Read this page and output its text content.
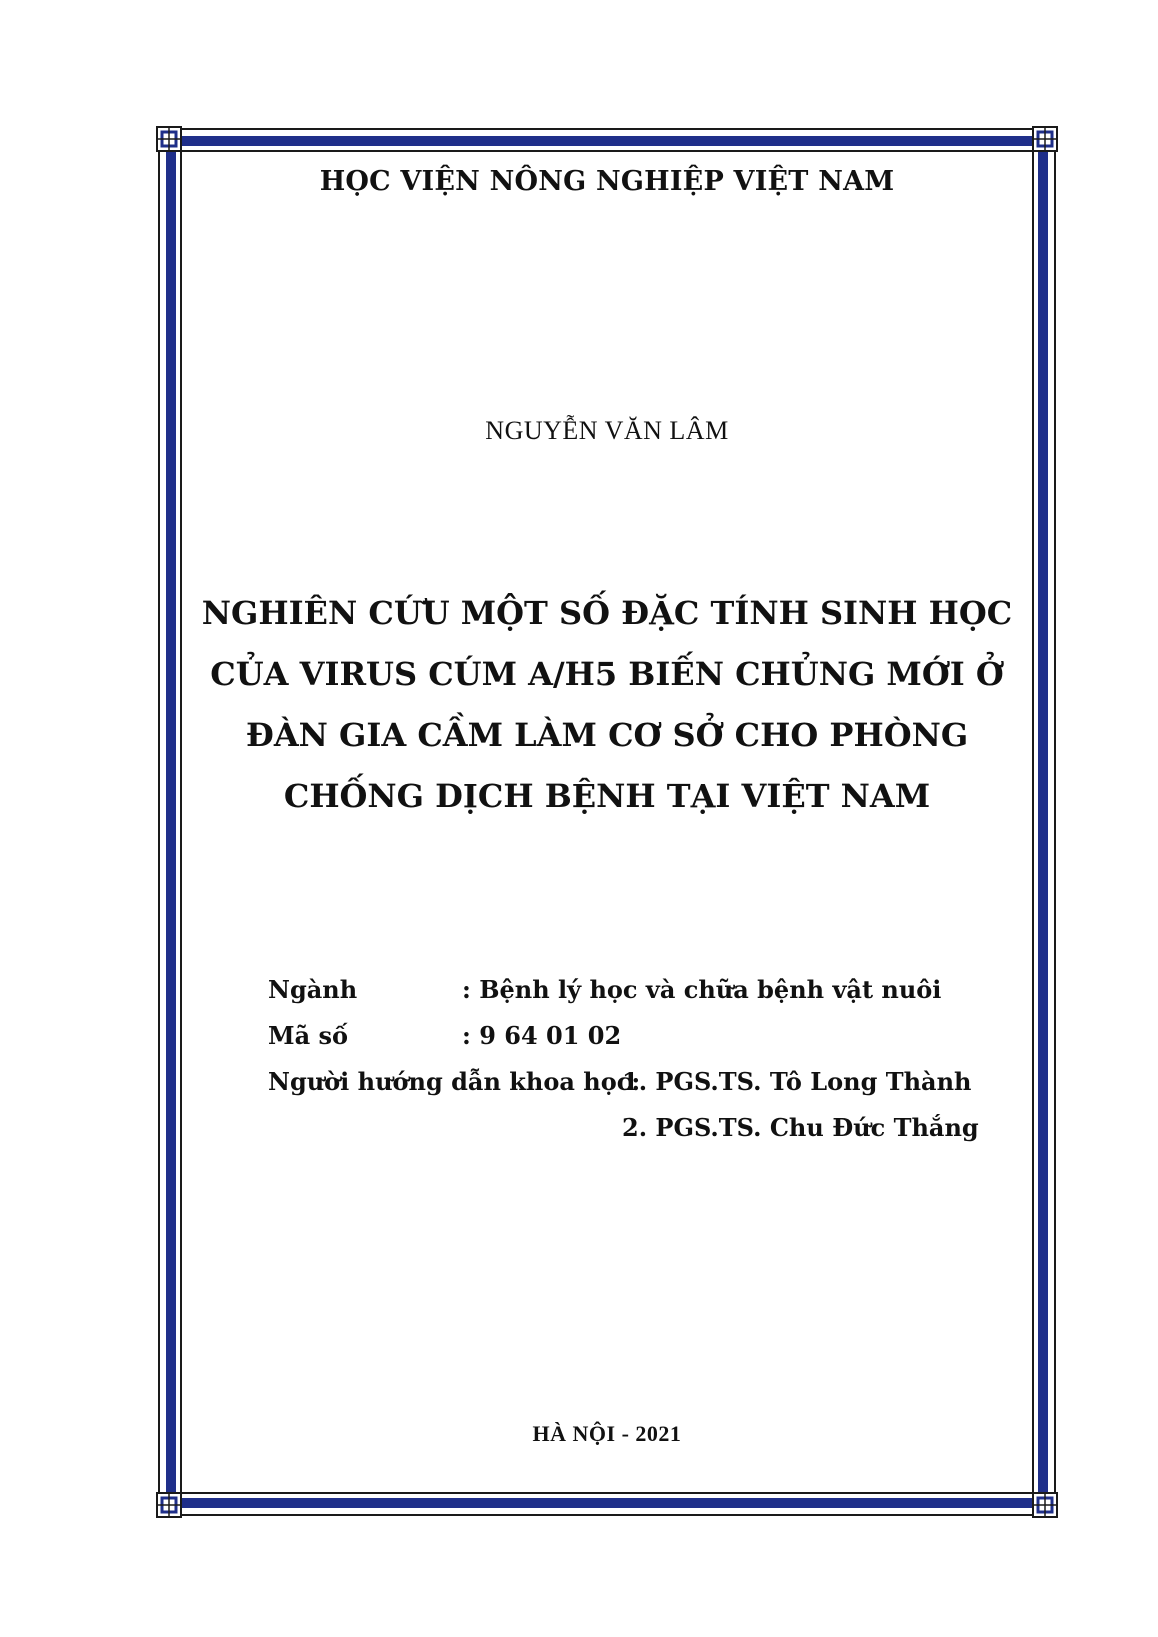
HỌC VIỆN NÔNG NGHIỆP VIỆT NAM

NGUYỄN VĂN LÂM

NGHIÊN CỨU MỘT SỐ ĐẶC TÍNH SINH HỌC
CỦA VIRUS CÚM A/H5 BIẾN CHỦNG MỚI Ở
ĐÀN GIA CẦM LÀM CƠ SỞ CHO PHÒNG
CHỐNG DỊCH BỆNH TẠI VIỆT NAM
Ngành	: Bệnh lý học và chữa bệnh vật nuôi
Mã số	: 9 64 01 02
Người hướng dẫn khoa học:
1. PGS.TS. Tô Long Thành
2. PGS.TS. Chu Đức Thắng

HÀ NỘI - 2021
